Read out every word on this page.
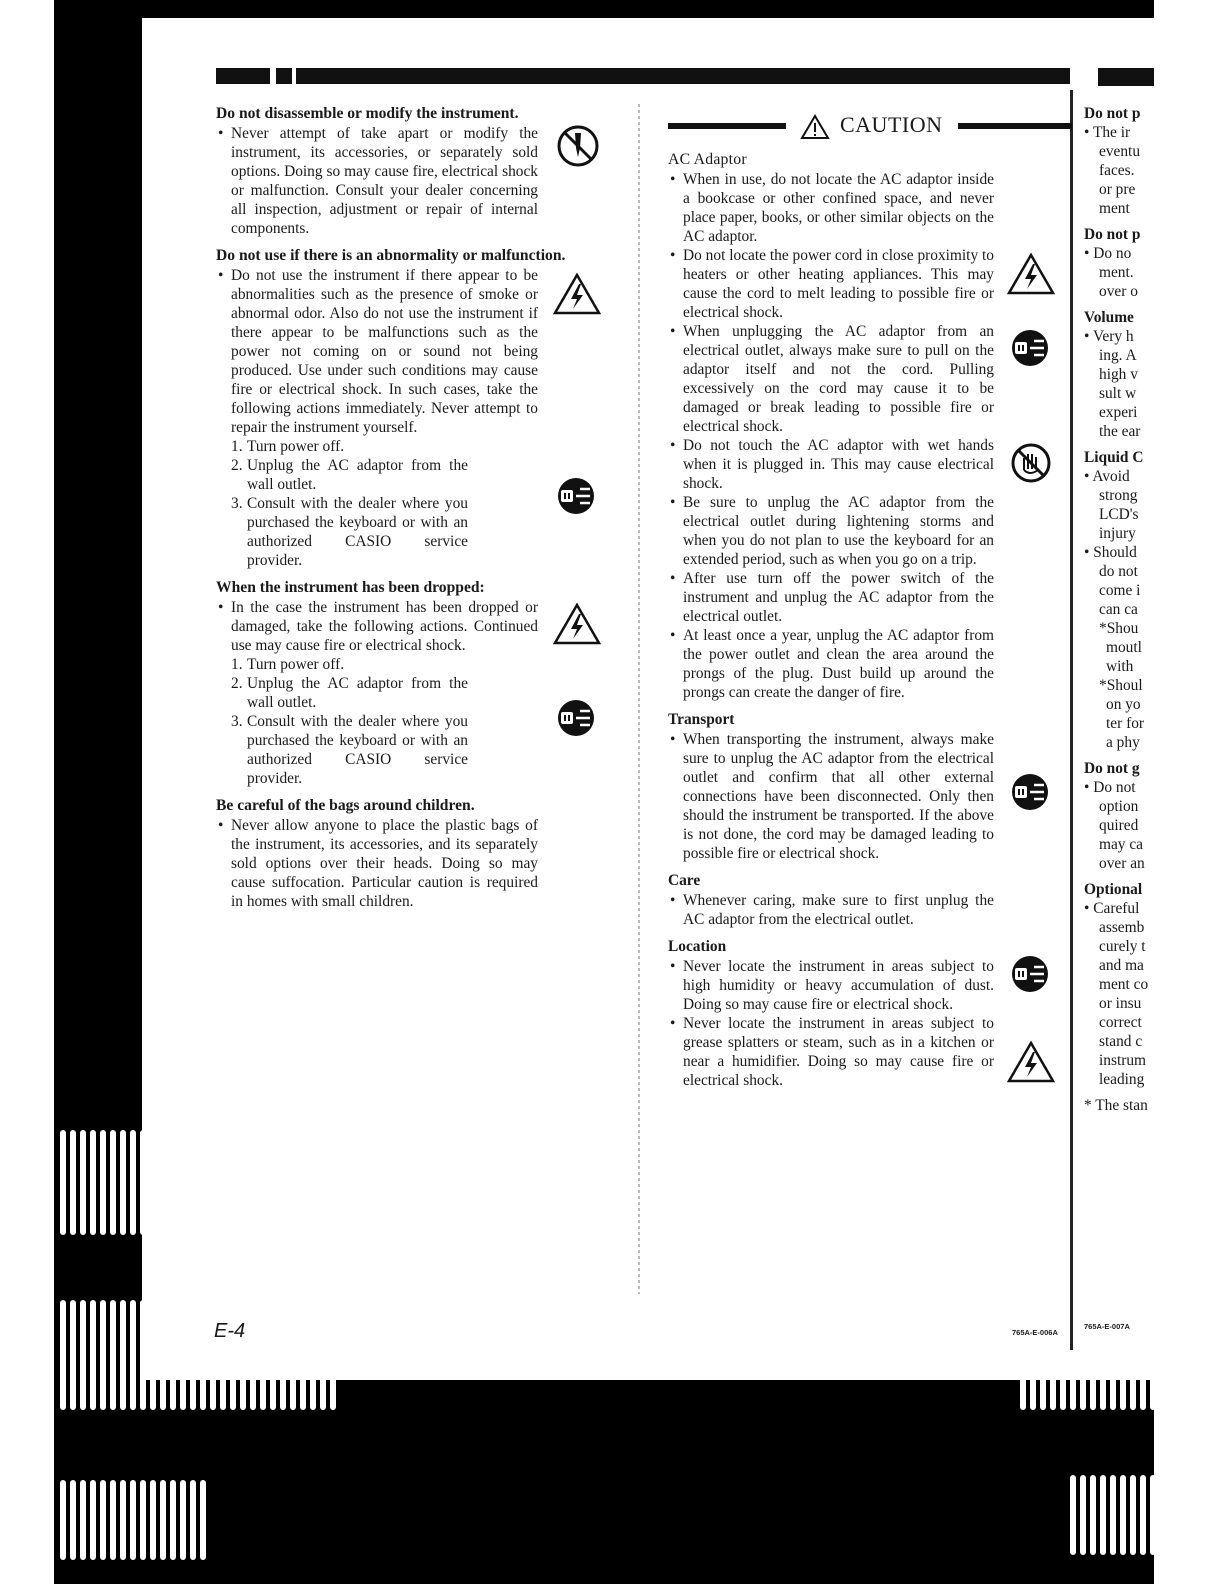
Do not disassemble or modify the instrument.
• Never attempt of take apart or modify the instrument, its accessories, or separately sold options. Doing so may cause fire, electrical shock or malfunction. Consult your dealer concerning all inspection, adjustment or repair of internal components.
Do not use if there is an abnormality or malfunction.
• Do not use the instrument if there appear to be abnormalities such as the presence of smoke or abnormal odor. Also do not use the instrument if there appear to be malfunctions such as the power not coming on or sound not being produced. Use under such conditions may cause fire or electrical shock. In such cases, take the following actions immediately. Never attempt to repair the instrument yourself.
1. Turn power off.
2. Unplug the AC adaptor from the wall outlet.
3. Consult with the dealer where you purchased the keyboard or with an authorized CASIO service provider.
When the instrument has been dropped:
• In the case the instrument has been dropped or damaged, take the following actions. Continued use may cause fire or electrical shock.
1. Turn power off.
2. Unplug the AC adaptor from the wall outlet.
3. Consult with the dealer where you purchased the keyboard or with an authorized CASIO service provider.
Be careful of the bags around children.
• Never allow anyone to place the plastic bags of the instrument, its accessories, and its separately sold options over their heads. Doing so may cause suffocation. Particular caution is required in homes with small children.
CAUTION
AC Adaptor
• When in use, do not locate the AC adaptor inside a bookcase or other confined space, and never place paper, books, or other similar objects on the AC adaptor.
• Do not locate the power cord in close proximity to heaters or other heating appliances. This may cause the cord to melt leading to possible fire or electrical shock.
• When unplugging the AC adaptor from an electrical outlet, always make sure to pull on the adaptor itself and not the cord. Pulling excessively on the cord may cause it to be damaged or break leading to possible fire or electrical shock.
• Do not touch the AC adaptor with wet hands when it is plugged in. This may cause electrical shock.
• Be sure to unplug the AC adaptor from the electrical outlet during lightening storms and when you do not plan to use the keyboard for an extended period, such as when you go on a trip.
• After use turn off the power switch of the instrument and unplug the AC adaptor from the electrical outlet.
• At least once a year, unplug the AC adaptor from the power outlet and clean the area around the prongs of the plug. Dust build up around the prongs can create the danger of fire.
Transport
• When transporting the instrument, always make sure to unplug the AC adaptor from the electrical outlet and confirm that all other external connections have been disconnected. Only then should the instrument be transported. If the above is not done, the cord may be damaged leading to possible fire or electrical shock.
Care
• Whenever caring, make sure to first unplug the AC adaptor from the electrical outlet.
Location
• Never locate the instrument in areas subject to high humidity or heavy accumulation of dust. Doing so may cause fire or electrical shock.
• Never locate the instrument in areas subject to grease splatters or steam, such as in a kitchen or near a humidifier. Doing so may cause fire or electrical shock.
Do not p
• The ir
eventu
faces.
or pre
ment
Do not p
• Do no
ment.
over o
Volume
• Very h
ing. A
high v
sult w
experi
the ear
Liquid C
• Avoid
strong
LCD's
injury
• Should
do not
come i
can ca
*Shou
moutl
with
*Shoul
on yo
ter for
a phy
Do not g
• Do not
option
quired
may ca
over an
Optional
• Careful
assemb
curely t
and ma
ment co
or insu
correct
stand c
instrum
leading
* The stan
E-4	765A-E-006A
765A-E-007A
